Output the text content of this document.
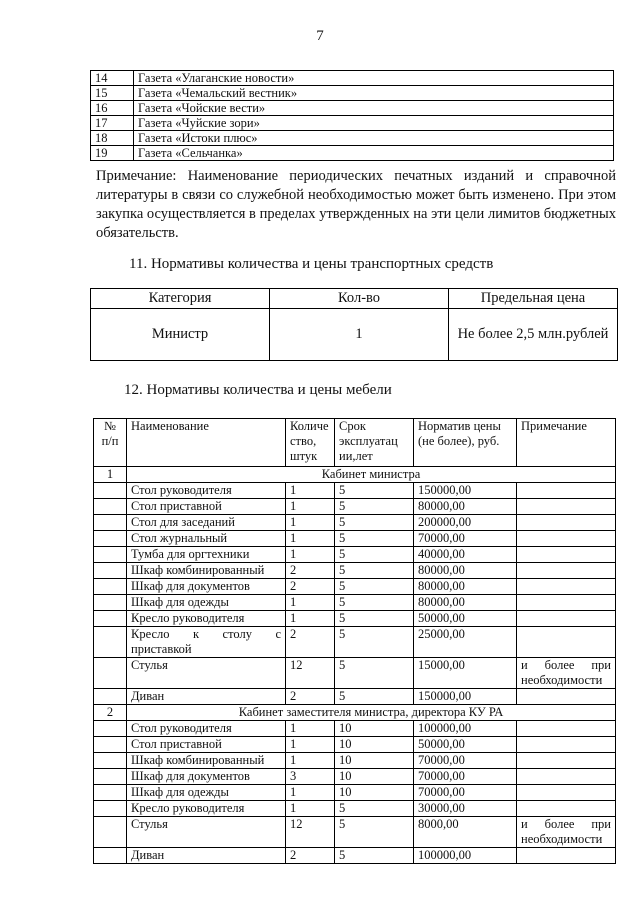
7
14	Газета «Улаганские новости»
15	Газета «Чемальский вестник»
16	Газета «Чойские вести»
17	Газета «Чуйские зори»
18	Газета «Истоки плюс»
19	Газета «Сельчанка»
Примечание: Наименование периодических печатных изданий и справочной литературы в связи со служебной необходимостью может быть изменено. При этом закупка осуществляется в пределах утвержденных на эти цели лимитов бюджетных обязательств.
11. Нормативы количества и цены транспортных средств
Категория	Кол-во	Предельная цена
Министр	1	Не более 2,5 млн.рублей
12. Нормативы количества и цены мебели
№ п/п	Наименование	Количе ство, штук	Срок эксплуатац ии,лет	Норматив цены (не более), руб.	Примечание
1	Кабинет министра				
	Стол руководителя	1	5	150000,00	
	Стол приставной	1	5	80000,00	
	Стол для заседаний	1	5	200000,00	
	Стол журнальный	1	5	70000,00	
	Тумба для оргтехники	1	5	40000,00	
	Шкаф комбинированный	2	5	80000,00	
	Шкаф для документов	2	5	80000,00	
	Шкаф для одежды	1	5	80000,00	
	Кресло руководителя	1	5	50000,00	
	Кресло к столу с приставкой	2	5	25000,00	
	Стулья	12	5	15000,00	и более при необходимости
	Диван	2	5	150000,00	
2	Кабинет заместителя министра, директора КУ РА				
	Стол руководителя	1	10	100000,00	
	Стол приставной	1	10	50000,00	
	Шкаф комбинированный	1	10	70000,00	
	Шкаф для документов	3	10	70000,00	
	Шкаф для одежды	1	10	70000,00	
	Кресло руководителя	1	5	30000,00	
	Стулья	12	5	8000,00	и более при необходимости
	Диван	2	5	100000,00	
